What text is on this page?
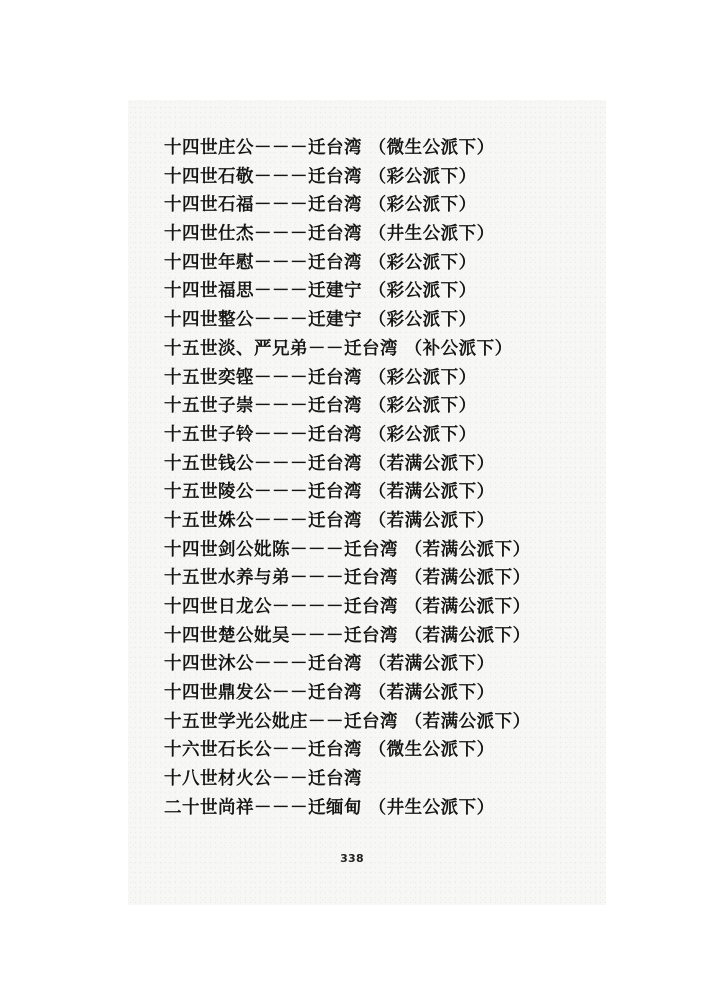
十四世庄公－－－迁台湾 （微生公派下）
十四世石敬－－－迁台湾 （彩公派下）
十四世石福－－－迁台湾 （彩公派下）
十四世仕杰－－－迁台湾 （井生公派下）
十四世年慰－－－迁台湾 （彩公派下）
十四世福思－－－迁建宁 （彩公派下）
十四世整公－－－迁建宁 （彩公派下）
十五世淡、严兄弟－－迁台湾 （补公派下）
十五世奕铿－－－迁台湾 （彩公派下）
十五世子崇－－－迁台湾 （彩公派下）
十五世子铃－－－迁台湾 （彩公派下）
十五世钱公－－－迁台湾 （若满公派下）
十五世陵公－－－迁台湾 （若满公派下）
十五世姝公－－－迁台湾 （若满公派下）
十四世剑公妣陈－－－迁台湾 （若满公派下）
十五世水养与弟－－－迁台湾 （若满公派下）
十四世日龙公－－－－迁台湾 （若满公派下）
十四世楚公妣吴－－－迁台湾 （若满公派下）
十四世沐公－－－迁台湾 （若满公派下）
十四世鼎发公－－迁台湾 （若满公派下）
十五世学光公妣庄－－迁台湾 （若满公派下）
十六世石长公－－迁台湾 （微生公派下）
十八世材火公－－迁台湾
二十世尚祥－－－迁缅甸 （井生公派下）
338
